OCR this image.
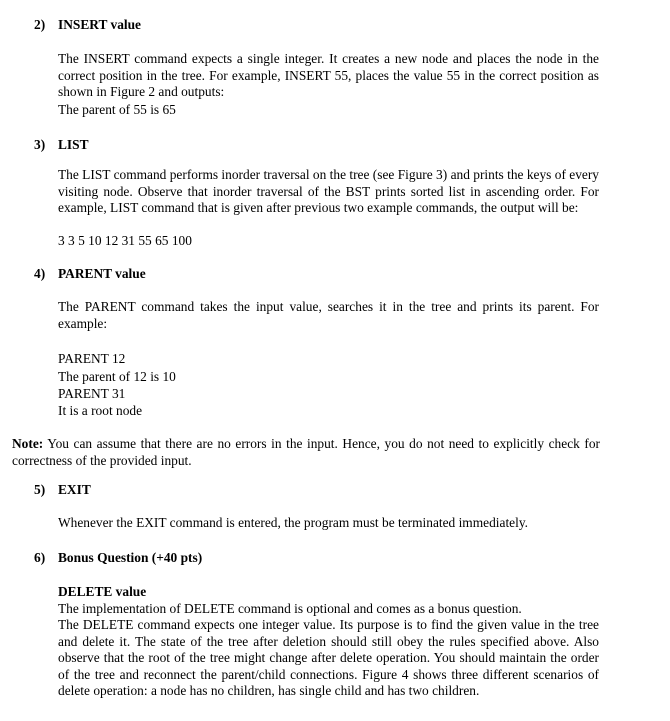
2) INSERT value
The INSERT command expects a single integer. It creates a new node and places the node in the correct position in the tree. For example, INSERT 55, places the value 55 in the correct position as shown in Figure 2 and outputs:
The parent of 55 is 65
3) LIST
The LIST command performs inorder traversal on the tree (see Figure 3) and prints the keys of every visiting node. Observe that inorder traversal of the BST prints sorted list in ascending order. For example, LIST command that is given after previous two example commands, the output will be:
3 3 5 10 12 31 55 65 100
4) PARENT value
The PARENT command takes the input value, searches it in the tree and prints its parent. For example:
PARENT 12
The parent of 12 is 10
PARENT 31
It is a root node
Note: You can assume that there are no errors in the input. Hence, you do not need to explicitly check for correctness of the provided input.
5) EXIT
Whenever the EXIT command is entered, the program must be terminated immediately.
6) Bonus Question (+40 pts)
DELETE value
The implementation of DELETE command is optional and comes as a bonus question.
The DELETE command expects one integer value. Its purpose is to find the given value in the tree and delete it. The state of the tree after deletion should still obey the rules specified above. Also observe that the root of the tree might change after delete operation. You should maintain the order of the tree and reconnect the parent/child connections. Figure 4 shows three different scenarios of delete operation: a node has no children, has single child and has two children.
